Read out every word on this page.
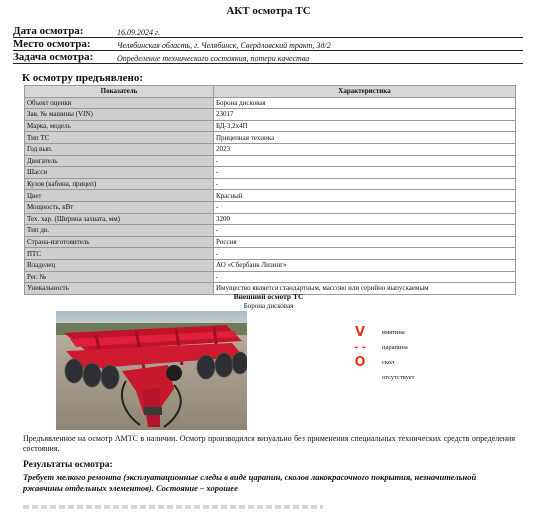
АКТ осмотра ТС
Дата осмотра:	16.09.2024 г.
Место осмотра:	Челябинская область, г. Челябинск, Свердловский тракт, 3д/2
Задача осмотра:	Определение технического состояния, потери качества
К осмотру предъявлено:
Показатель	Характеристика
Объект оценки	Борона дисковая
Зав. № машины (VIN)	23017
Марка, модель	БД-3,2х4П
Тип ТС	Прицепная техника
Год вып.	2023
Двигатель	-
Шасси	-
Кузов (кабина, прицеп)	-
Цвет	Красный
Мощность, кВт	-
Тех. хар. (Ширина захвата, мм)	3200
Тип дв.	-
Страна-изготовитель	Россия
ПТС	-
Владелец	АО «Сбербанк Лизинг»
Рег. №	-
Уникальность	Имущество является стандартным, массово или серийно выпускаемым
Внешний осмотр ТС
Борона дисковая
V	вмятина
- -	царапина
O	скол
отсутствует
Предъявленное на осмотр АМТС в наличии. Осмотр производился визуально без применения специальных технических средств определения состояния.
Результаты осмотра:
Требует мелкого ремонта (эксплуатационные следы в виде царапин, сколов лакокрасочного покрытия, незначительной ржавчины отдельных элементов). Состояние – хорошее
